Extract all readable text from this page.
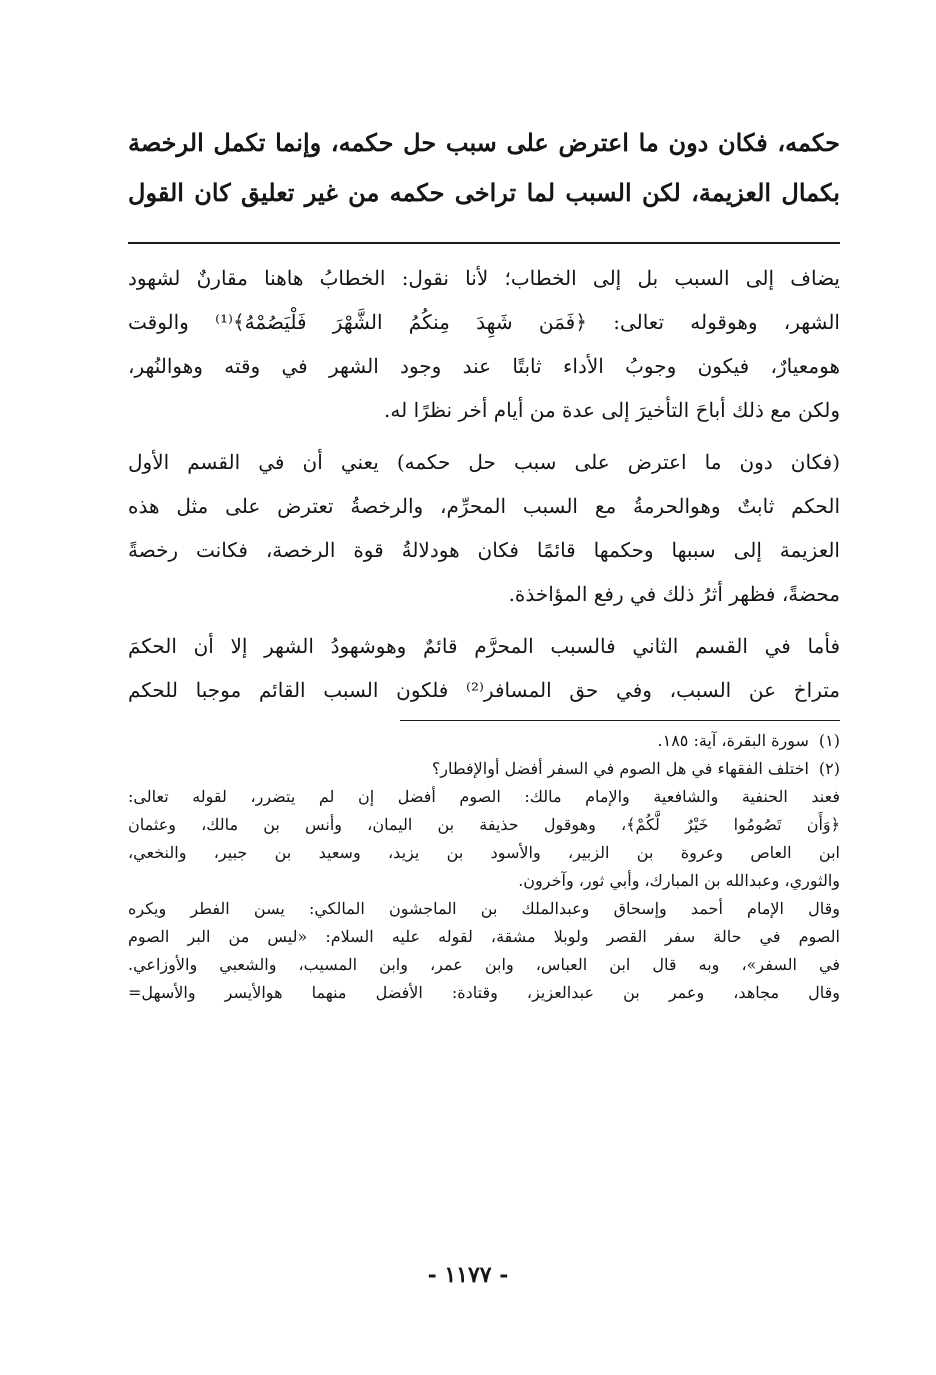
حكمه، فكان دون ما اعترض على سبب حل حكمه، وإنما تكمل الرخصة

بكمال العزيمة، لكن السبب لما تراخى حكمه من غير تعليق كان القول

يضاف إلى السبب بل إلى الخطاب؛ لأنا نقول: الخطابُ هاهنا مقارنٌ لشهود

الشهر، وهوقوله تعالى: ﴿فَمَن شَهِدَ مِنكُمُ الشَّهْرَ فَلْيَصُمْهُ﴾⁽¹⁾ والوقت

هومعيارٌ، فيكون وجوبُ الأداء ثابتًا عند وجود الشهر في وقته وهوالنُهر،

ولكن مع ذلك أباحَ التأخيرَ إلى عدة من أيام أخر نظرًا له.

(فكان دون ما اعترض على سبب حل حكمه) يعني أن في القسم الأول

الحكم ثابتٌ وهوالحرمةُ مع السبب المحرِّم، والرخصةُ تعترض على مثل هذه

العزيمة إلى سببها وحكمها قائمًا فكان هودلالةُ قوة الرخصة، فكانت رخصةً

محضةً، فظهر أثرُ ذلك في رفع المؤاخذة.

فأما في القسم الثاني فالسبب المحرَّم قائمٌ وهوشهودُ الشهر إلا أن الحكمَ

متراخ عن السبب، وفي حق المسافر⁽²⁾ فلكون السبب القائم موجبا للحكم

(١)سورة البقرة، آية: ١٨٥.

(٢)اختلف الفقهاء في هل الصوم في السفر أفضل أوالإفطار؟

فعند الحنفية والشافعية والإمام مالك: الصوم أفضل إن لم يتضرر، لقوله تعالى:

﴿وَأَن تَصُومُوا خَيْرٌ لَّكُمْ﴾، وهوقول حذيفة بن اليمان، وأنس بن مالك، وعثمان

ابن العاص وعروة بن الزبير، والأسود بن يزيد، وسعيد بن جبير، والنخعي،

والثوري، وعبدالله بن المبارك، وأبي ثور، وآخرون.

وقال الإمام أحمد وإسحاق وعبدالملك بن الماجشون المالكي: يسن الفطر ويكره

الصوم في حالة سفر القصر ولوبلا مشقة، لقوله عليه السلام: «ليس من البر الصوم

في السفر»، وبه قال ابن العباس، وابن عمر، وابن المسيب، والشعبي والأوزاعي.

وقال مجاهد، وعمر بن عبدالعزيز، وقتادة: الأفضل منهما هوالأيسر والأسهل=

- ١١٧٧ -
